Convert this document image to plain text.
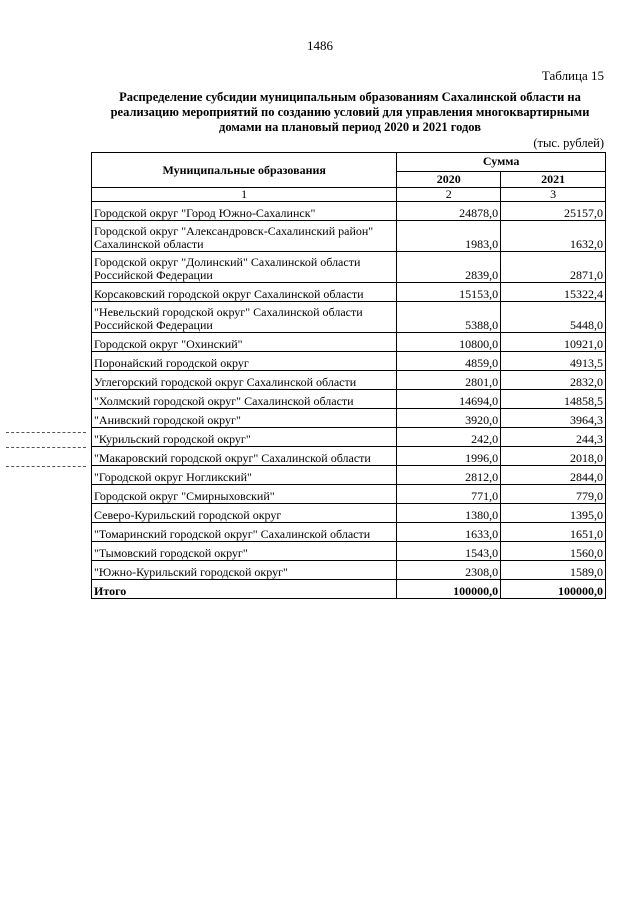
1486
Таблица 15
Распределение субсидии муниципальным образованиям Сахалинской области на реализацию мероприятий по созданию условий для управления многоквартирными домами на плановый период 2020 и 2021 годов
(тыс. рублей)
Муниципальные образования	Сумма	
	2020	2021
1	2	3
Городской округ "Город Южно-Сахалинск"	24878,0	25157,0
Городской округ "Александровск-Сахалинский район" Сахалинской области	1983,0	1632,0
Городской округ "Долинский" Сахалинской области Российской Федерации	2839,0	2871,0
Корсаковский городской округ Сахалинской области	15153,0	15322,4
"Невельский городской округ" Сахалинской области Российской Федерации	5388,0	5448,0
Городской округ "Охинский"	10800,0	10921,0
Поронайский городской округ	4859,0	4913,5
Углегорский городской округ Сахалинской области	2801,0	2832,0
"Холмский городской округ" Сахалинской области	14694,0	14858,5
"Анивский городской округ"	3920,0	3964,3
"Курильский городской округ"	242,0	244,3
"Макаровский городской округ" Сахалинской области	1996,0	2018,0
"Городской округ Ногликский"	2812,0	2844,0
Городской округ "Смирныховский"	771,0	779,0
Северо-Курильский городской округ	1380,0	1395,0
"Томаринский городской округ" Сахалинской области	1633,0	1651,0
"Тымовский городской округ"	1543,0	1560,0
"Южно-Курильский городской округ"	2308,0	1589,0
Итого	100000,0	100000,0
